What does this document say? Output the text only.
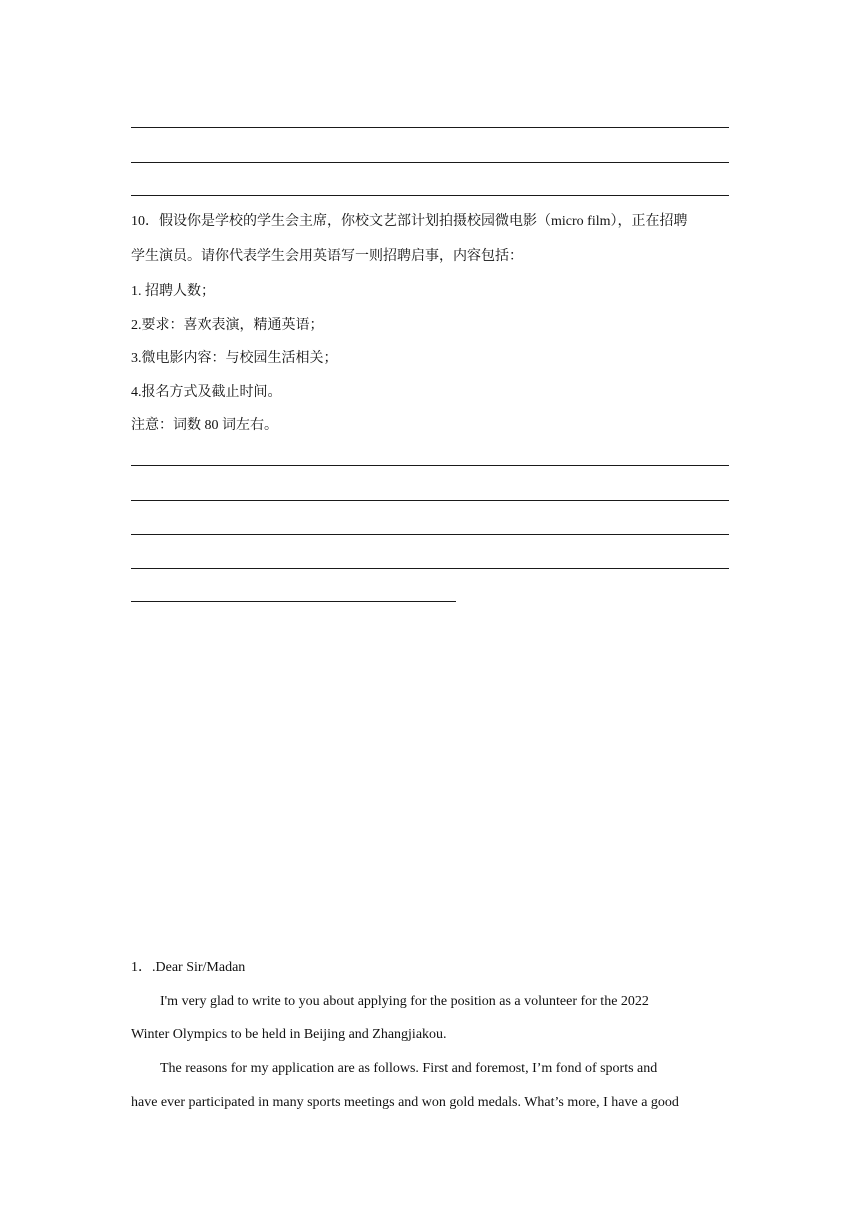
10．假设你是学校的学生会主席，你校文艺部计划拍摄校园微电影（micro film），正在招聘
学生演员。请你代表学生会用英语写一则招聘启事，内容包括：
1. 招聘人数；
2.要求：喜欢表演，精通英语；
3.微电影内容：与校园生活相关；
4.报名方式及截止时间。
注意：词数 80 词左右。
1．.Dear Sir/Madan
I'm very glad to write to you about applying for the position as a volunteer for the 2022
Winter Olympics to be held in Beijing and Zhangjiakou.
The reasons for my application are as follows. First and foremost, I’m fond of sports and
have ever participated in many sports meetings and won gold medals. What’s more, I have a good
